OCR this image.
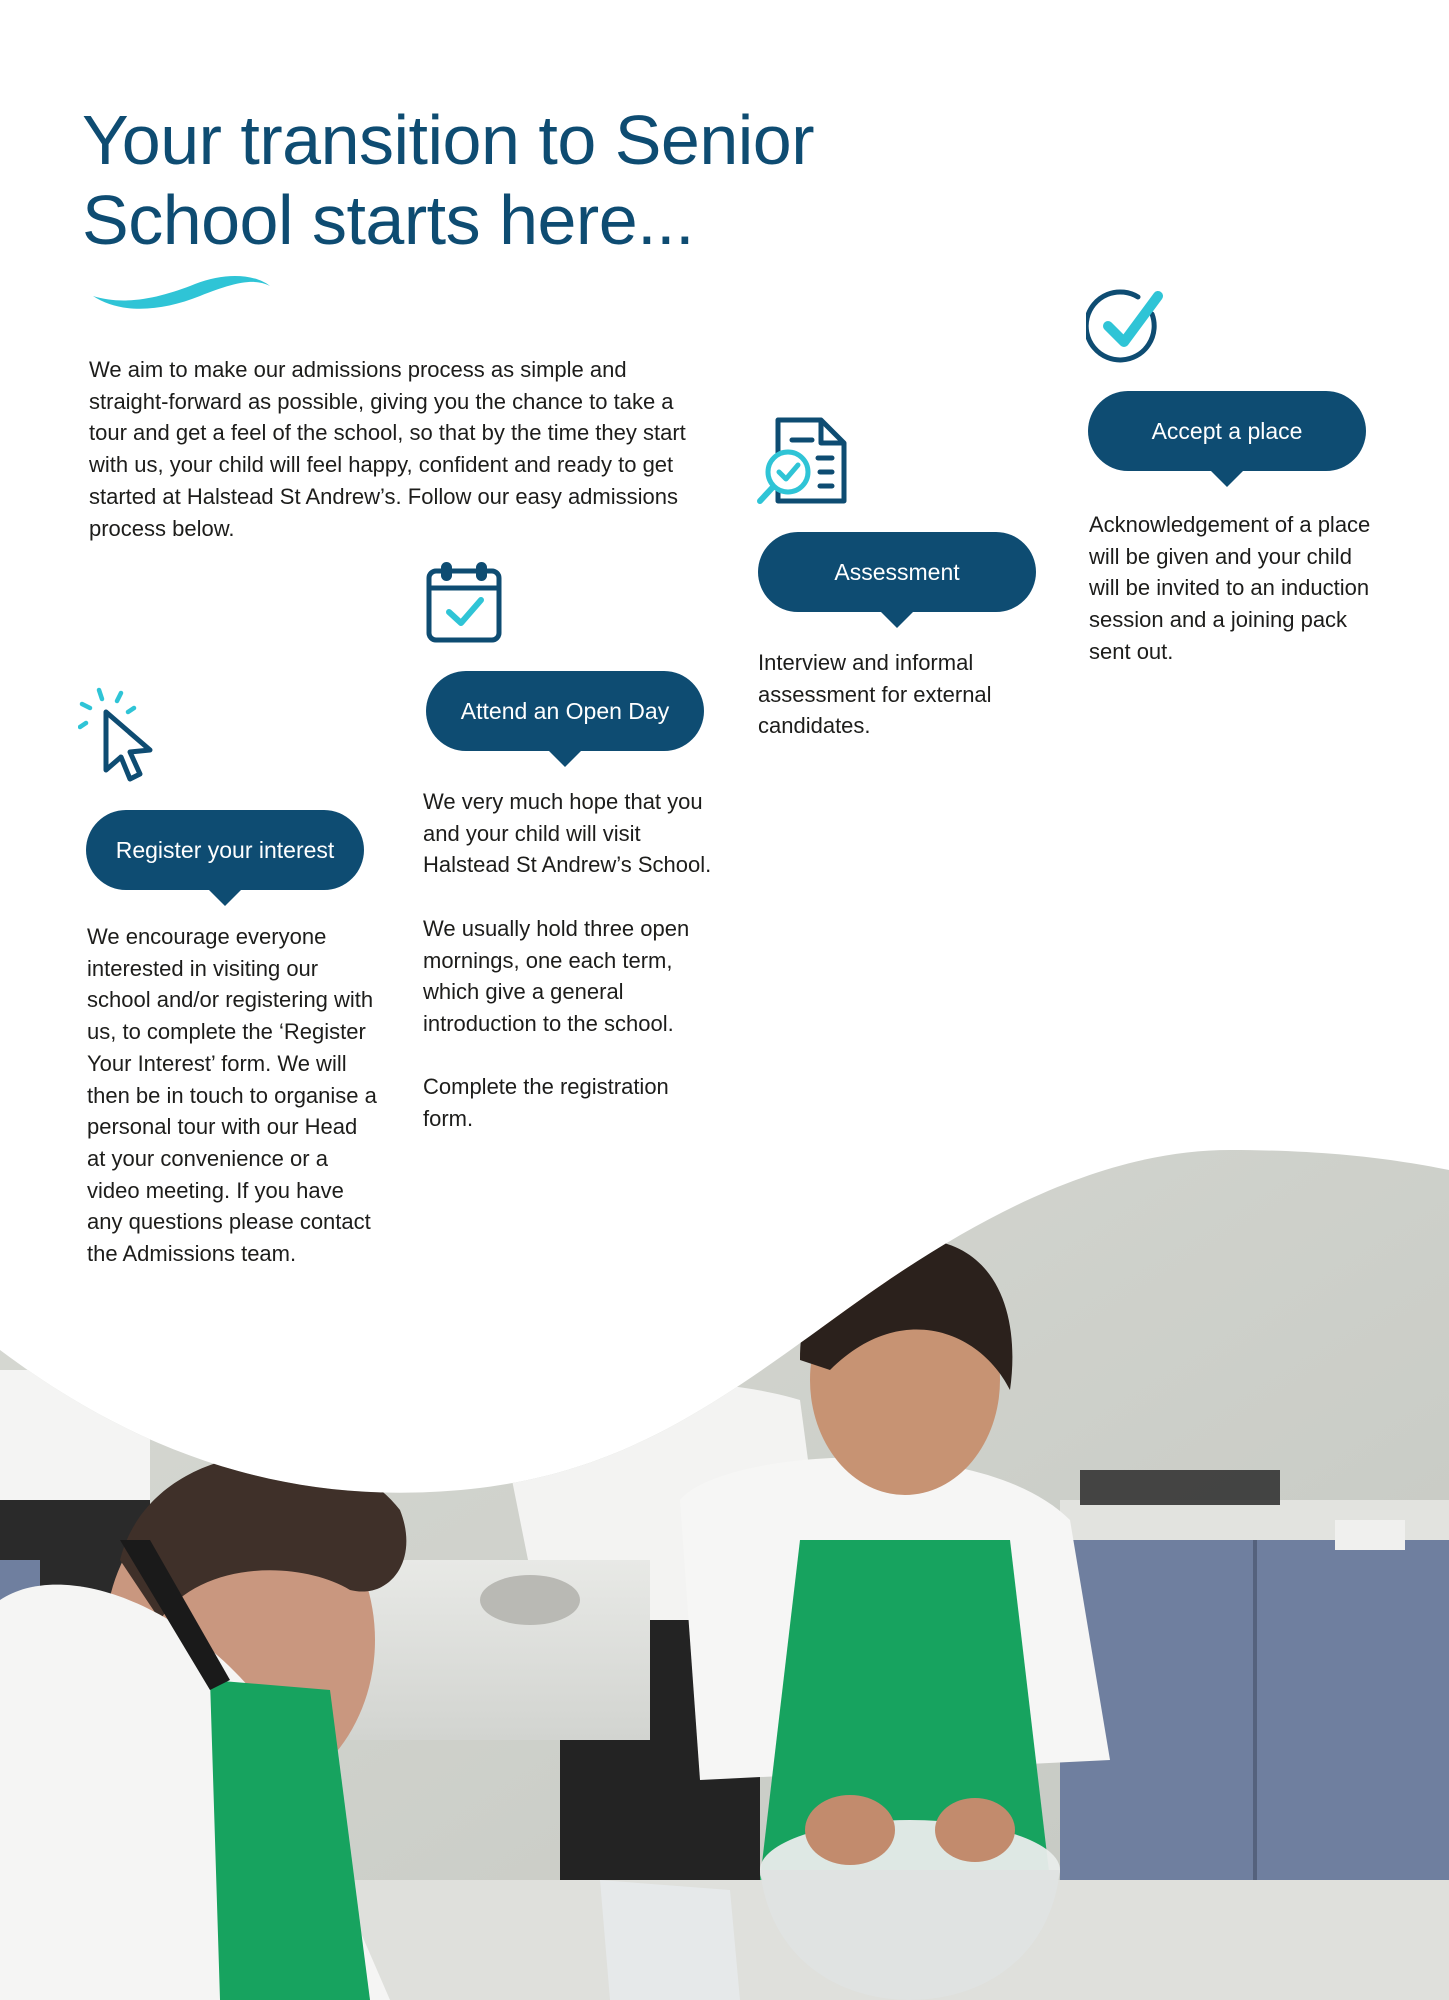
Your transition to Senior
School starts here...

We aim to make our admissions process as simple and straight-forward as possible, giving you the chance to take a tour and get a feel of the school, so that by the time they start with us, your child will feel happy, confident and ready to get started at Halstead St Andrew’s. Follow our easy admissions process below.

Register your interest

We encourage everyone interested in visiting our school and/or registering with us, to complete the ‘Register Your Interest’ form. We will then be in touch to organise a personal tour with our Head at your convenience or a video meeting. If you have any questions please contact the Admissions team.

Attend an Open Day

We very much hope that you and your child will visit Halstead St Andrew’s School.

We usually hold three open mornings, one each term, which give a general introduction to the school.

Complete the registration form.

Assessment

Interview and informal assessment for external candidates.

Accept a place

Acknowledgement of a place will be given and your child will be invited to an induction session and a joining pack sent out.
